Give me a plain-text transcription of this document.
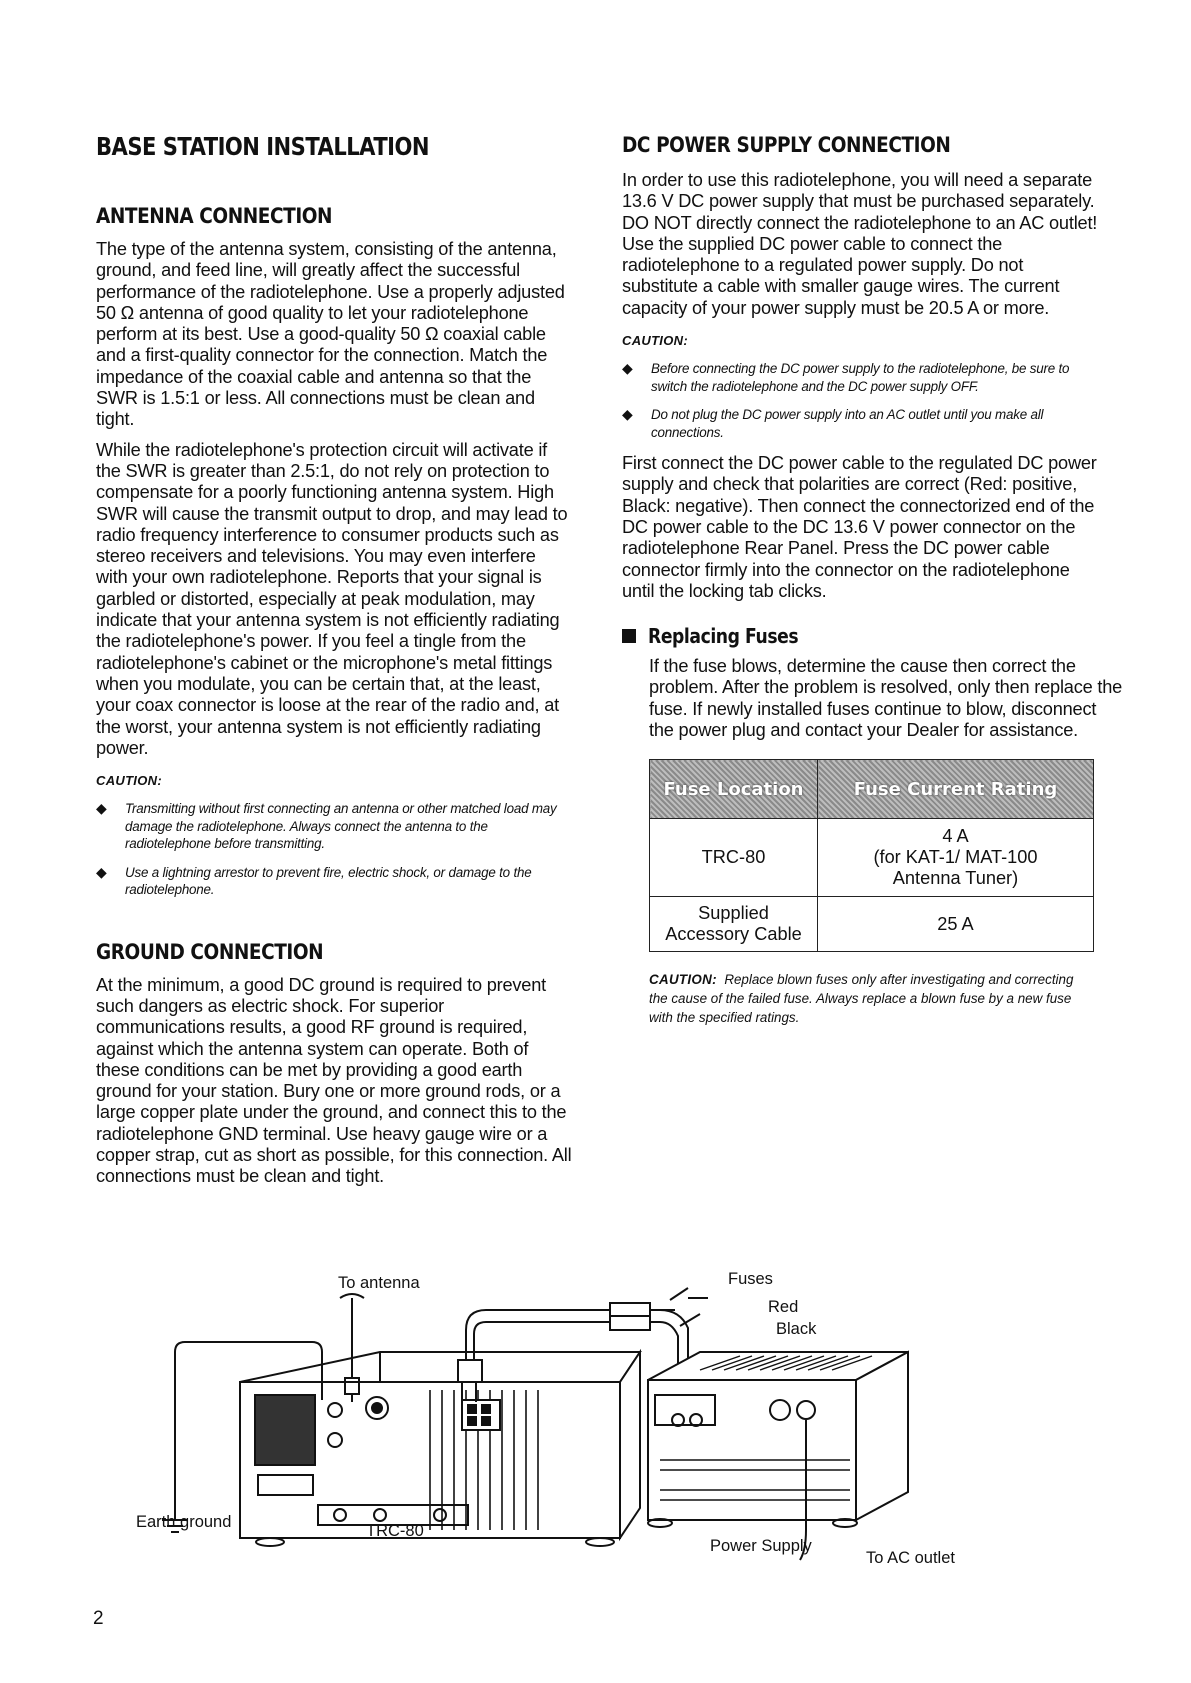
BASE STATION INSTALLATION
ANTENNA CONNECTION

The type of the antenna system, consisting of the antenna, ground, and feed line, will greatly affect the successful performance of the radiotelephone. Use a properly adjusted 50 Ω antenna of good quality to let your radiotelephone perform at its best. Use a good-quality 50 Ω coaxial cable and a first-quality connector for the connection. Match the impedance of the coaxial cable and antenna so that the SWR is 1.5:1 or less. All connections must be clean and tight.

While the radiotelephone's protection circuit will activate if the SWR is greater than 2.5:1, do not rely on protection to compensate for a poorly functioning antenna system. High SWR will cause the transmit output to drop, and may lead to radio frequency interference to consumer products such as stereo receivers and televisions. You may even interfere with your own radiotelephone. Reports that your signal is garbled or distorted, especially at peak modulation, may indicate that your antenna system is not efficiently radiating the radiotelephone's power. If you feel a tingle from the radiotelephone's cabinet or the microphone's metal fittings when you modulate, you can be certain that, at the least, your coax connector is loose at the rear of the radio and, at the worst, your antenna system is not efficiently radiating power.

CAUTION:
◆ Transmitting without first connecting an antenna or other matched load may damage the radiotelephone. Always connect the antenna to the radiotelephone before transmitting.
◆ Use a lightning arrestor to prevent fire, electric shock, or damage to the radiotelephone.
GROUND CONNECTION

At the minimum, a good DC ground is required to prevent such dangers as electric shock. For superior communications results, a good RF ground is required, against which the antenna system can operate. Both of these conditions can be met by providing a good earth ground for your station. Bury one or more ground rods, or a large copper plate under the ground, and connect this to the radiotelephone GND terminal. Use heavy gauge wire or a copper strap, cut as short as possible, for this connection. All connections must be clean and tight.

DC POWER SUPPLY CONNECTION

In order to use this radiotelephone, you will need a separate 13.6 V DC power supply that must be purchased separately. DO NOT directly connect the radiotelephone to an AC outlet! Use the supplied DC power cable to connect the radiotelephone to a regulated power supply. Do not substitute a cable with smaller gauge wires. The current capacity of your power supply must be 20.5 A or more.

CAUTION:
◆ Before connecting the DC power supply to the radiotelephone, be sure to switch the radiotelephone and the DC power supply OFF.
◆ Do not plug the DC power supply into an AC outlet until you make all connections.

First connect the DC power cable to the regulated DC power supply and check that polarities are correct (Red: positive, Black: negative). Then connect the connectorized end of the DC power cable to the DC 13.6 V power connector on the radiotelephone Rear Panel. Press the DC power cable connector firmly into the connector on the radiotelephone until the locking tab clicks.

Replacing Fuses

If the fuse blows, determine the cause then correct the problem. After the problem is resolved, only then replace the fuse. If newly installed fuses continue to blow, disconnect the power plug and contact your Dealer for assistance.

Fuse Location	Fuse Current Rating
TRC-80	4 A
(for KAT-1/ MAT-100
Antenna Tuner)

Supplied
Accessory Cable	25 A
CAUTION: Replace blown fuses only after investigating and correcting the cause of the failed fuse. Always replace a blown fuse by a new fuse with the specified ratings.
To antenna	Fuses
Red
Black
Earth ground	TRC-80
Power Supply
To AC outlet
2
